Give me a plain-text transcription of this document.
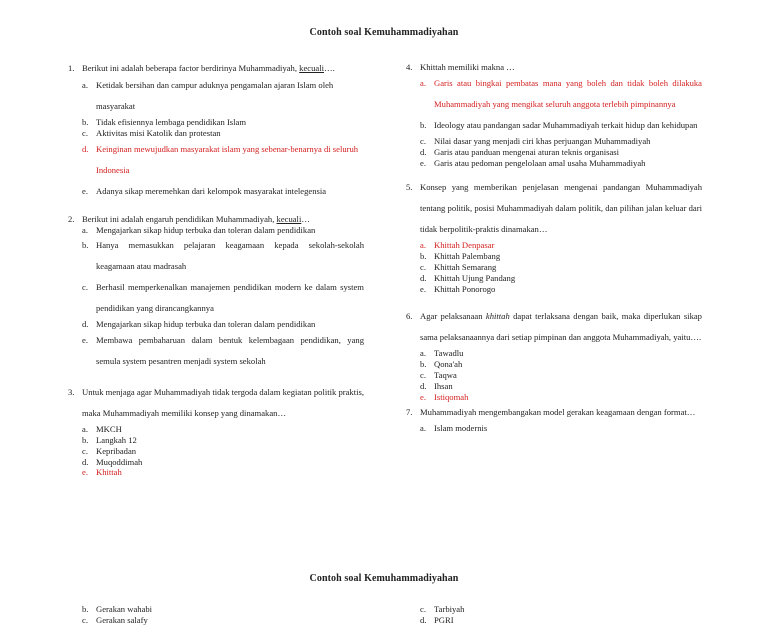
Contoh soal Kemuhammadiyahan
1. Berikut ini adalah beberapa factor berdirinya Muhammadiyah, kecuali….
a. Ketidak bersihan dan campur aduknya pengamalan ajaran Islam oleh masyarakat
b. Tidak efisiennya lembaga pendidikan Islam
c. Aktivitas misi Katolik dan protestan
d. Keinginan mewujudkan masyarakat islam yang sebenar-benarnya di seluruh Indonesia
e. Adanya sikap meremehkan dari kelompok masyarakat intelegensia
2. Berikut ini adalah engaruh pendidikan Muhammadiyah, kecuali…
a. Mengajarkan sikap hidup terbuka dan toleran dalam pendidikan
b. Hanya memasukkan pelajaran keagamaan kepada sekolah-sekolah keagamaan atau madrasah
c. Berhasil memperkenalkan manajemen pendidikan modern ke dalam system pendidikan yang dirancangkannya
d. Mengajarkan sikap hidup terbuka dan toleran dalam pendidikan
e. Membawa pembaharuan dalam bentuk kelembagaan pendidikan, yang semula system pesantren menjadi system sekolah
3. Untuk menjaga agar Muhammadiyah tidak tergoda dalam kegiatan politik praktis, maka Muhammadiyah memiliki konsep yang dinamakan…
a. MKCH
b. Langkah 12
c. Kepribadan
d. Muqoddimah
e. Khittah
4. Khittah memiliki makna …
a. Garis atau bingkai pembatas mana yang boleh dan tidak boleh dilakuka Muhammadiyah yang mengikat seluruh anggota terlebih pimpinannya
b. Ideology atau pandangan sadar Muhammadiyah terkait hidup dan kehidupan
c. Nilai dasar yang menjadi ciri khas perjuangan Muhammadiyah
d. Garis atau panduan mengenai aturan teknis organisasi
e. Garis atau pedoman pengelolaan amal usaha Muhammadiyah
5. Konsep yang memberikan penjelasan mengenai pandangan Muhammadiyah tentang politik, posisi Muhammadiyah dalam politik, dan pilihan jalan keluar dari tidak berpolitik-praktis dinamakan…
a. Khittah Denpasar
b. Khittah Palembang
c. Khittah Semarang
d. Khittah Ujung Pandang
e. Khittah Ponorogo
6. Agar pelaksanaan khittah dapat terlaksana dengan baik, maka diperlukan sikap sama pelaksanaannya dari setiap pimpinan dan anggota Muhammadiyah, yaitu….
a. Tawadlu
b. Qona'ah
c. Taqwa
d. Ihsan
e. Istiqomah
7. Muhammadiyah mengembangakan model gerakan keagamaan dengan format…
a. Islam modernis
Contoh soal Kemuhammadiyahan
b. Gerakan wahabi
c. Gerakan salafy
c. Tarbiyah
d. PGRI
